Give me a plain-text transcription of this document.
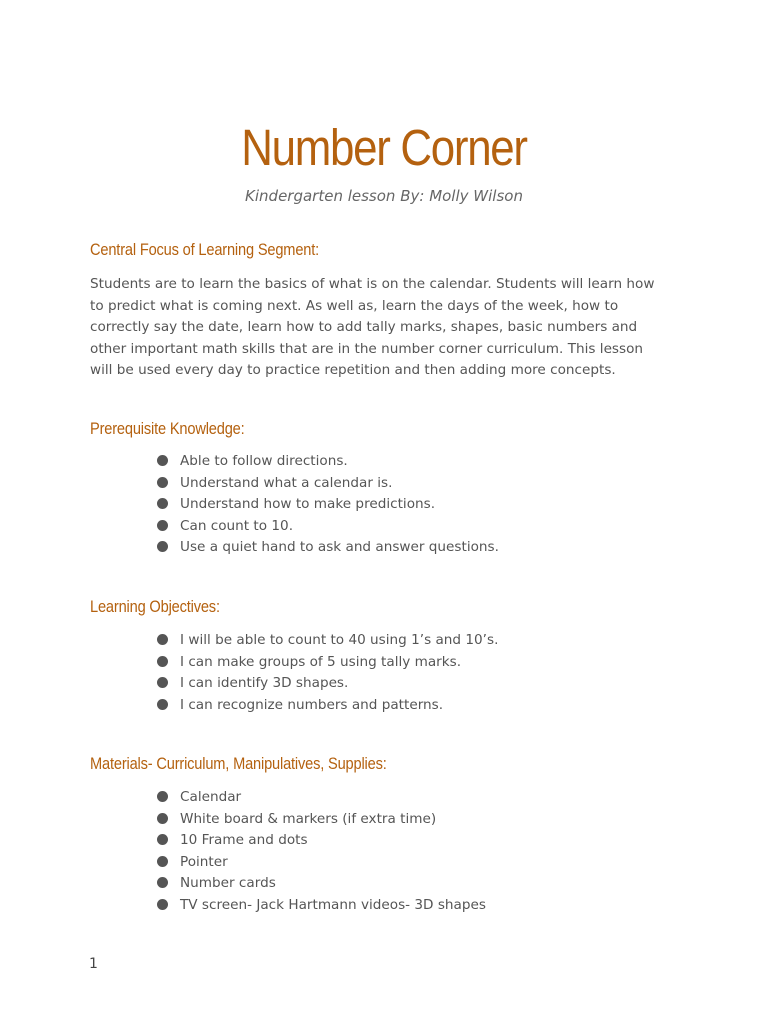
Number Corner
Kindergarten lesson By: Molly Wilson
Central Focus of Learning Segment:
Students are to learn the basics of what is on the calendar. Students will learn how
to predict what is coming next. As well as, learn the days of the week, how to
correctly say the date, learn how to add tally marks, shapes, basic numbers and
other important math skills that are in the number corner curriculum. This lesson
will be used every day to practice repetition and then adding more concepts.
Prerequisite Knowledge:
Able to follow directions.
Understand what a calendar is.
Understand how to make predictions.
Can count to 10.
Use a quiet hand to ask and answer questions.
Learning Objectives:
I will be able to count to 40 using 1’s and 10’s.
I can make groups of 5 using tally marks.
I can identify 3D shapes.
I can recognize numbers and patterns.
Materials- Curriculum, Manipulatives, Supplies:
Calendar
White board & markers (if extra time)
10 Frame and dots
Pointer
Number cards
TV screen- Jack Hartmann videos- 3D shapes
1
